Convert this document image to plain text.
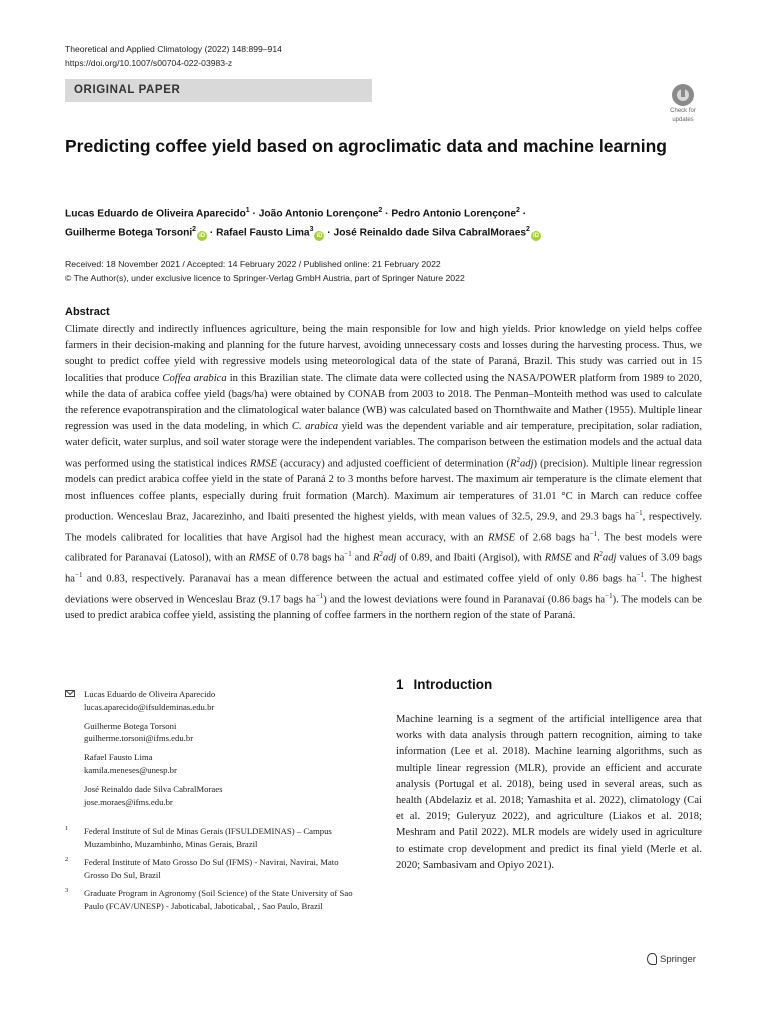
Theoretical and Applied Climatology (2022) 148:899–914
https://doi.org/10.1007/s00704-022-03983-z
ORIGINAL PAPER
Check for
updates
Predicting coffee yield based on agroclimatic data and machine learning
Lucas Eduardo de Oliveira Aparecido$^1$ · João Antonio Lorençone$^2$ · Pedro Antonio Lorençone$^2$ ·
Guilherme Botega Torsoni$^2$iD · Rafael Fausto Lima$^3$iD · José Reinaldo dade Silva CabralMoraes$^2$iD
Received: 18 November 2021 / Accepted: 14 February 2022 / Published online: 21 February 2022
© The Author(s), under exclusive licence to Springer-Verlag GmbH Austria, part of Springer Nature 2022
Abstract
Climate directly and indirectly influences agriculture, being the main responsible for low and high yields. Prior knowledge on yield helps coffee farmers in their decision-making and planning for the future harvest, avoiding unnecessary costs and losses during the harvesting process. Thus, we sought to predict coffee yield with regressive models using meteorological data of the state of Paraná, Brazil. This study was carried out in 15 localities that produce Coffea arabica in this Brazilian state. The climate data were collected using the NASA/POWER platform from 1989 to 2020, while the data of arabica coffee yield (bags/ha) were obtained by CONAB from 2003 to 2018. The Penman–Monteith method was used to calculate the reference evapotranspiration and the climatological water balance (WB) was calculated based on Thornthwaite and Mather (1955). Multiple linear regression was used in the data modeling, in which C. arabica yield was the dependent variable and air temperature, precipitation, solar radiation, water deficit, water surplus, and soil water storage were the independent variables. The comparison between the estimation models and the actual data was performed using the statistical indices RMSE (accuracy) and adjusted coefficient of determination $(R^2adj)$ (precision). Multiple linear regression models can predict arabica coffee yield in the state of Paraná 2 to 3 months before harvest. The maximum air temperature is the climate element that most influences coffee plants, especially during fruit formation (March). Maximum air temperatures of 31.01 °C in March can reduce coffee production. Wenceslau Braz, Jacarezinho, and Ibaiti presented the highest yields, with mean values of 32.5, 29.9, and 29.3 bags $ha^{-1}$, respectively. The models calibrated for localities that have Argisol had the highest mean accuracy, with an RMSE of 2.68 bags $ha^{-1}$. The best models were calibrated for Paranavaí (Latosol), with an RMSE of 0.78 bags $ha^{-1}$ and $R^2adj$ of 0.89, and Ibaiti (Argisol), with RMSE and $R^2adj$ values of 3.09 bags $ha^{-1}$ and 0.83, respectively. Paranavaí has a mean difference between the actual and estimated coffee yield of only 0.86 bags $ha^{-1}$. The highest deviations were observed in Wenceslau Braz (9.17 bags $ha^{-1}$) and the lowest deviations were found in Paranavaí (0.86 bags $ha^{-1}$). The models can be used to predict arabica coffee yield, assisting the planning of coffee farmers in the northern region of the state of Paraná.
Lucas Eduardo de Oliveira Aparecido
lucas.aparecido@ifsuldeminas.edu.br
Guilherme Botega Torsoni
guilherme.torsoni@ifms.edu.br
Rafael Fausto Lima
kamila.meneses@unesp.br
José Reinaldo dade Silva CabralMoraes
jose.moraes@ifms.edu.br
1 Federal Institute of Sul de Minas Gerais (IFSULDEMINAS) – Campus Muzambinho, Muzambinho, Minas Gerais, Brazil
2 Federal Institute of Mato Grosso Do Sul (IFMS) - Navirai, Navirai, Mato Grosso Do Sul, Brazil
3 Graduate Program in Agronomy (Soil Science) of the State University of Sao Paulo (FCAV/UNESP) - Jaboticabal, Jaboticabal, , Sao Paulo, Brazil
1 Introduction
Machine learning is a segment of the artificial intelligence area that works with data analysis through pattern recognition, aiming to take information (Lee et al. 2018). Machine learning algorithms, such as multiple linear regression (MLR), provide an efficient and accurate analysis (Portugal et al. 2018), being used in several areas, such as health (Abdelaziz et al. 2018; Yamashita et al. 2022), climatology (Cai et al. 2019; Guleryuz 2022), and agriculture (Liakos et al. 2018; Meshram and Patil 2022). MLR models are widely used in agriculture to estimate crop development and predict its final yield (Merle et al. 2020; Sambasivam and Opiyo 2021).
Springer
